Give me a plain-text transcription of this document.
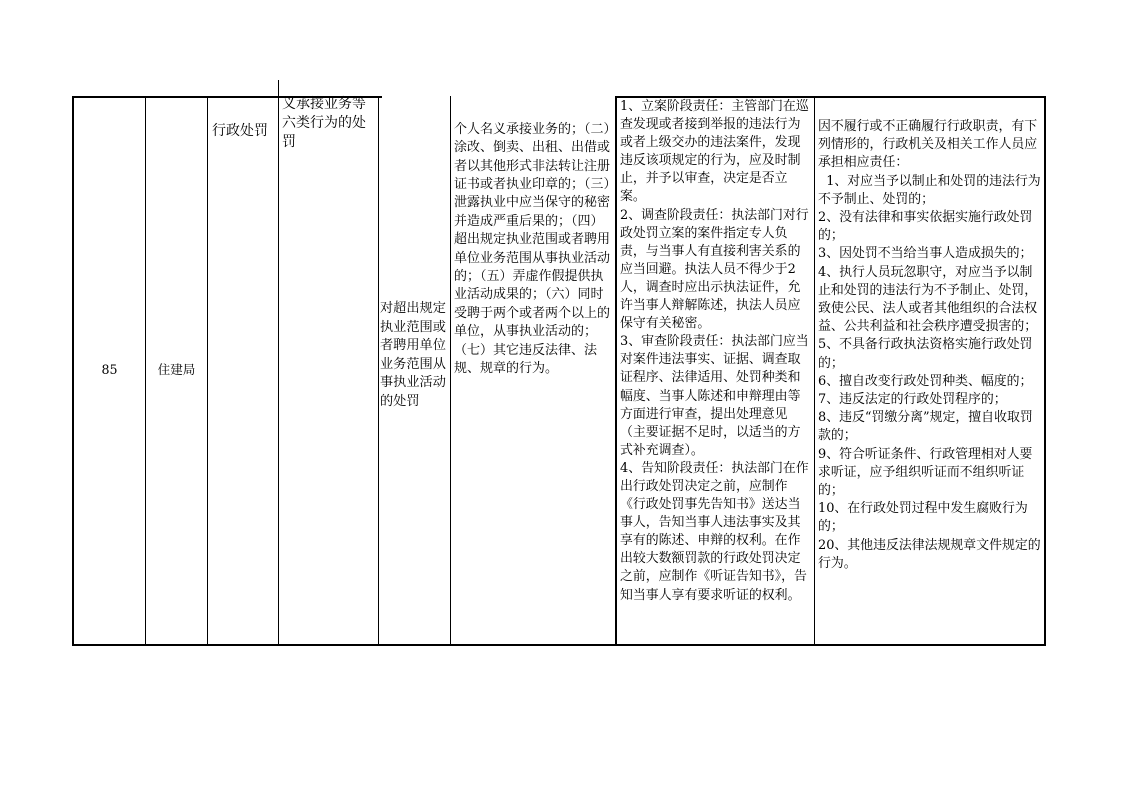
85	住建局

行政处罚

义承接业务等六类行为的处罚
对超出规定执业范围或者聘用单位业务范围从事执业活动的处罚

个人名义承接业务的；（二）涂改、倒卖、出租、出借或者以其他形式非法转让注册证书或者执业印章的；（三）泄露执业中应当保守的秘密并造成严重后果的；（四）超出规定执业范围或者聘用单位业务范围从事执业活动的；（五）弄虚作假提供执业活动成果的；（六）同时受聘于两个或者两个以上的单位，从事执业活动的；（七）其它违反法律、法规、规章的行为。

1、立案阶段责任：主管部门在巡查发现或者接到举报的违法行为或者上级交办的违法案件，发现违反该项规定的行为，应及时制止，并予以审查，决定是否立案。
2、调查阶段责任：执法部门对行政处罚立案的案件指定专人负责，与当事人有直接利害关系的应当回避。执法人员不得少于2人，调查时应出示执法证件，允许当事人辩解陈述，执法人员应保守有关秘密。
3、审查阶段责任：执法部门应当对案件违法事实、证据、调查取证程序、法律适用、处罚种类和幅度、当事人陈述和申辩理由等方面进行审查，提出处理意见（主要证据不足时，以适当的方式补充调查）。
4、告知阶段责任：执法部门在作出行政处罚决定之前，应制作《行政处罚事先告知书》送达当事人，告知当事人违法事实及其享有的陈述、申辩的权利。在作出较大数额罚款的行政处罚决定之前，应制作《听证告知书》，告知当事人享有要求听证的权利。
因不履行或不正确履行行政职责，有下列情形的，行政机关及相关工作人员应承担相应责任：
1、对应当予以制止和处罚的违法行为不予制止、处罚的；
2、没有法律和事实依据实施行政处罚的；
3、因处罚不当给当事人造成损失的；
4、执行人员玩忽职守，对应当予以制止和处罚的违法行为不予制止、处罚，致使公民、法人或者其他组织的合法权益、公共利益和社会秩序遭受损害的；
5、不具备行政执法资格实施行政处罚的；
6、擅自改变行政处罚种类、幅度的；
7、违反法定的行政处罚程序的；
8、违反“罚缴分离”规定，擅自收取罚款的；
9、符合听证条件、行政管理相对人要求听证，应予组织听证而不组织听证的；
10、在行政处罚过程中发生腐败行为的；
20、其他违反法律法规规章文件规定的行为。
